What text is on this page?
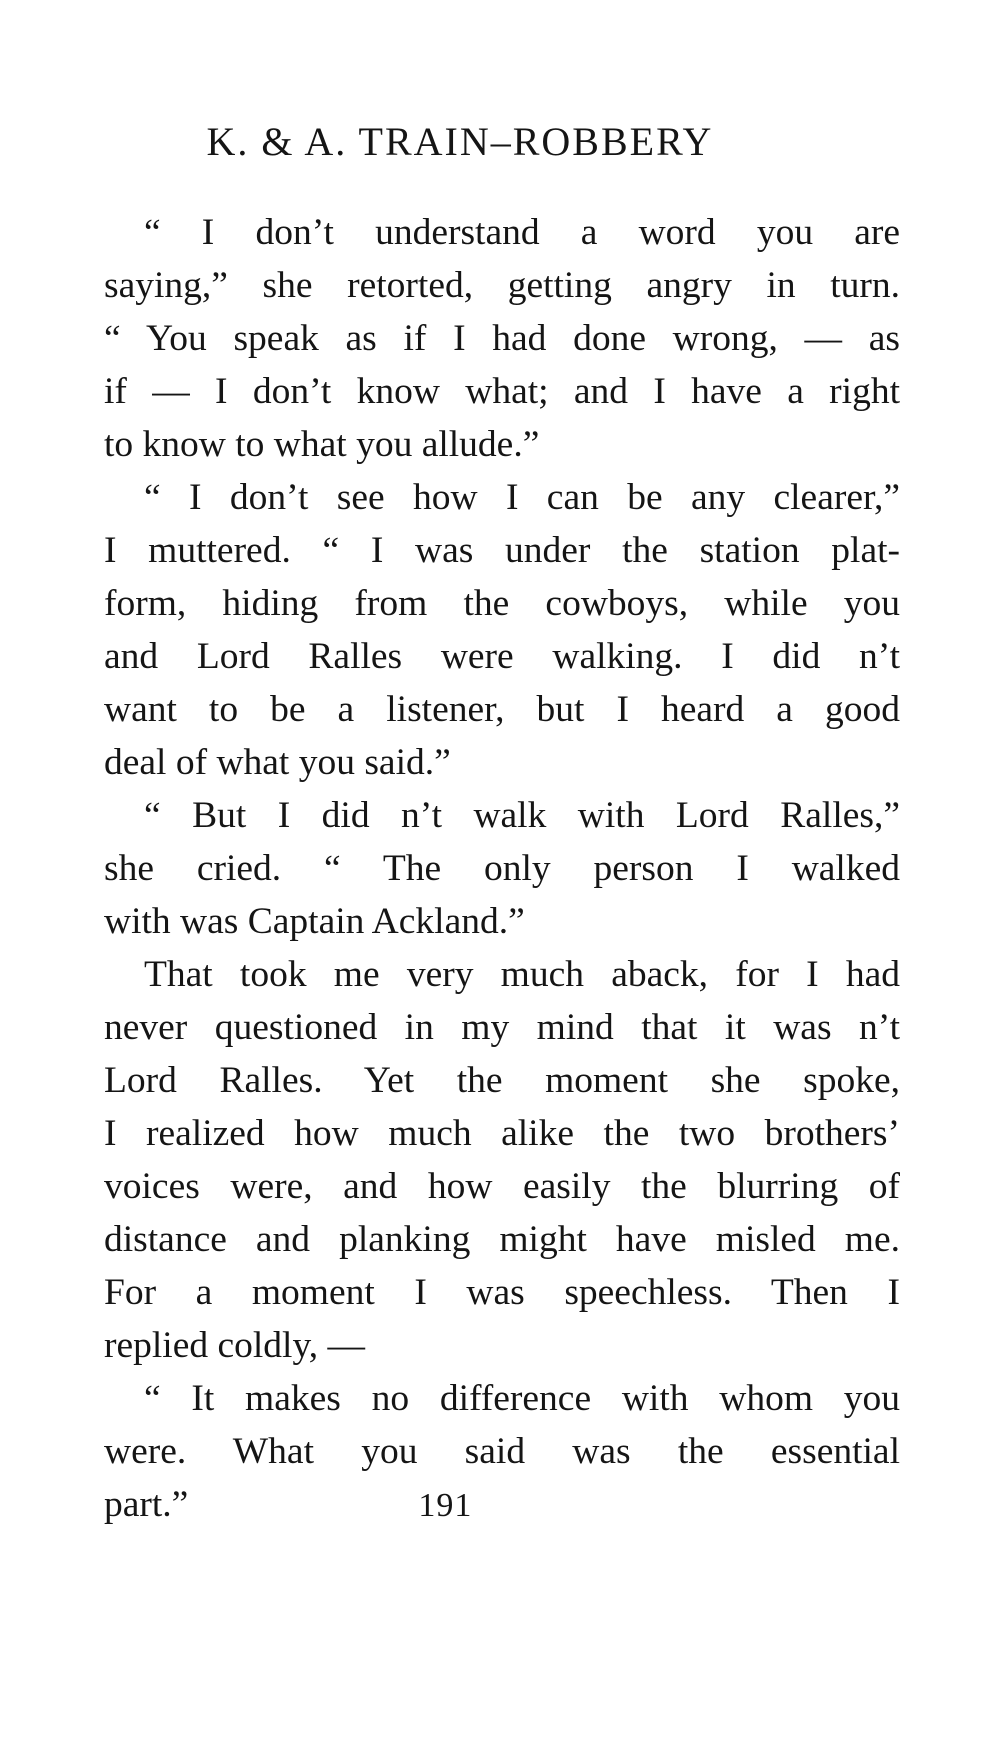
K. & A. TRAIN–ROBBERY
“ I don’t understand a word you are
saying,” she retorted, getting angry in turn.
“ You speak as if I had done wrong, — as
if — I don’t know what; and I have a right
to know to what you allude.”
“ I don’t see how I can be any clearer,”
I muttered. “ I was under the station plat-
form, hiding from the cowboys, while you
and Lord Ralles were walking. I did n’t
want to be a listener, but I heard a good
deal of what you said.”
“ But I did n’t walk with Lord Ralles,”
she cried. “ The only person I walked
with was Captain Ackland.”
That took me very much aback, for I had
never questioned in my mind that it was n’t
Lord Ralles. Yet the moment she spoke,
I realized how much alike the two brothers’
voices were, and how easily the blurring of
distance and planking might have misled me.
For a moment I was speechless. Then I
replied coldly, —
“ It makes no difference with whom you
were. What you said was the essential
part.”	191
